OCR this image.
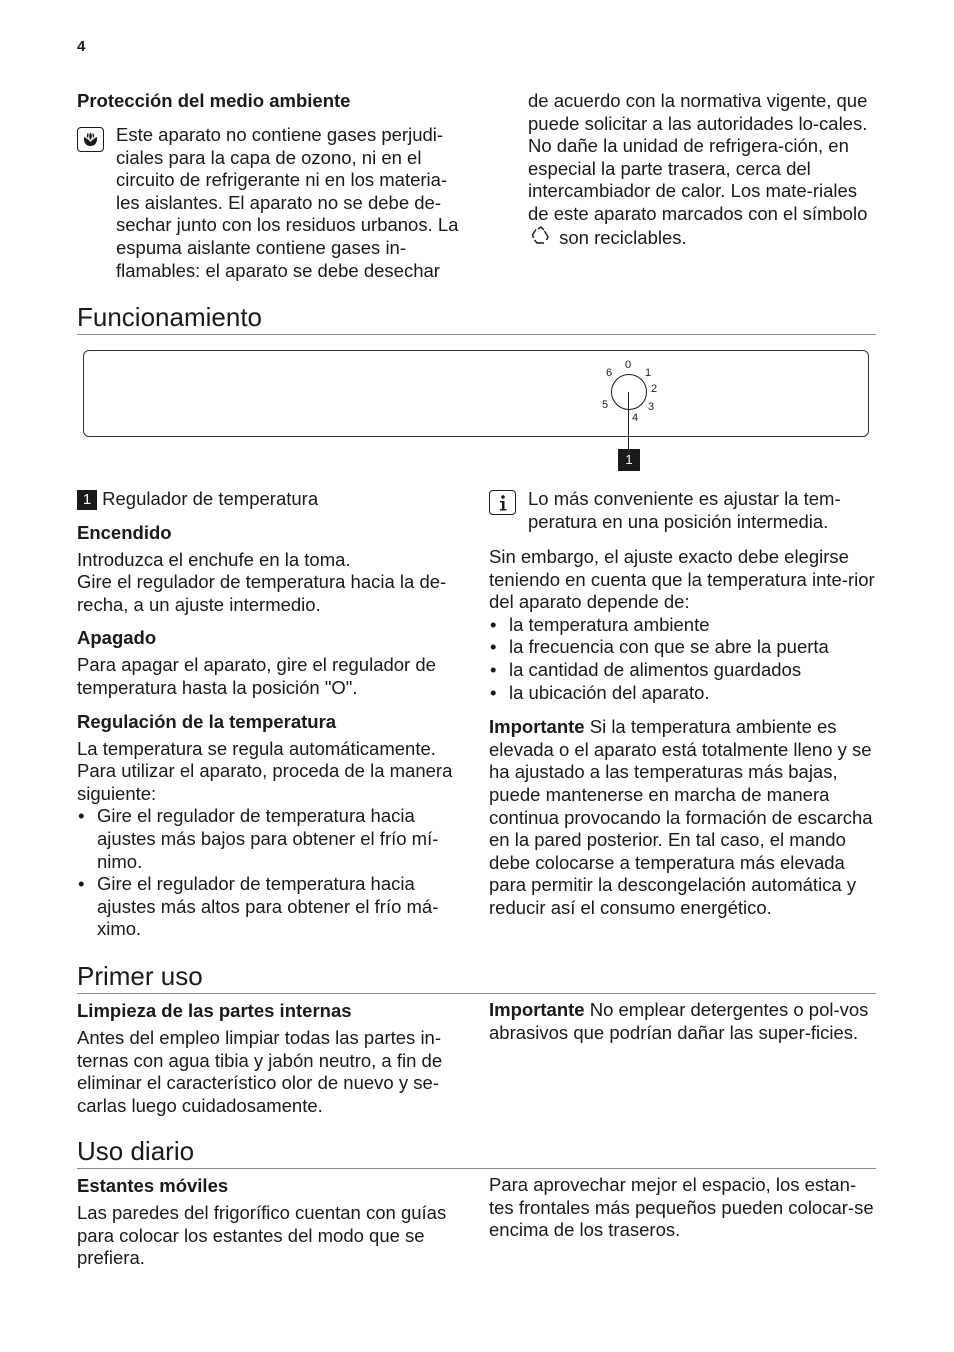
4

Protección del medio ambiente

Este aparato no contiene gases perjudi-ciales para la capa de ozono, ni en el circuito de refrigerante ni en los materia-les aislantes. El aparato no se debe de-sechar junto con los residuos urbanos. La espuma aislante contiene gases in-flamables: el aparato se debe desechar

de acuerdo con la normativa vigente, que puede solicitar a las autoridades lo-cales. No dañe la unidad de refrigera-ción, en especial la parte trasera, cerca del intercambiador de calor. Los mate-riales de este aparato marcados con el símbolo  son reciclables.

Funcionamiento
0
1
2
3
4
5
6
1

1 Regulador de temperatura

Encendido

Introduzca el enchufe en la toma.

Gire el regulador de temperatura hacia la de-recha, a un ajuste intermedio.

Apagado

Para apagar el aparato, gire el regulador de temperatura hasta la posición "O".

Regulación de la temperatura

La temperatura se regula automáticamente. Para utilizar el aparato, proceda de la manera siguiente:

• Gire el regulador de temperatura hacia ajustes más bajos para obtener el frío mí-nimo.
• Gire el regulador de temperatura hacia ajustes más altos para obtener el frío má-ximo.

Lo más conveniente es ajustar la tem-peratura en una posición intermedia.

Sin embargo, el ajuste exacto debe elegirse teniendo en cuenta que la temperatura inte-rior del aparato depende de:

• la temperatura ambiente
• la frecuencia con que se abre la puerta
• la cantidad de alimentos guardados
• la ubicación del aparato.

Importante Si la temperatura ambiente es elevada o el aparato está totalmente lleno y se ha ajustado a las temperaturas más bajas, puede mantenerse en marcha de manera continua provocando la formación de escarcha en la pared posterior. En tal caso, el mando debe colocarse a temperatura más elevada para permitir la descongelación automática y reducir así el consumo energético.

Primer uso

Limpieza de las partes internas

Antes del empleo limpiar todas las partes in-ternas con agua tibia y jabón neutro, a fin de eliminar el característico olor de nuevo y se-carlas luego cuidadosamente.

Importante No emplear detergentes o pol-vos abrasivos que podrían dañar las super-ficies.

Uso diario

Estantes móviles

Las paredes del frigorífico cuentan con guías para colocar los estantes del modo que se prefiera.

Para aprovechar mejor el espacio, los estan-tes frontales más pequeños pueden colocar-se encima de los traseros.
